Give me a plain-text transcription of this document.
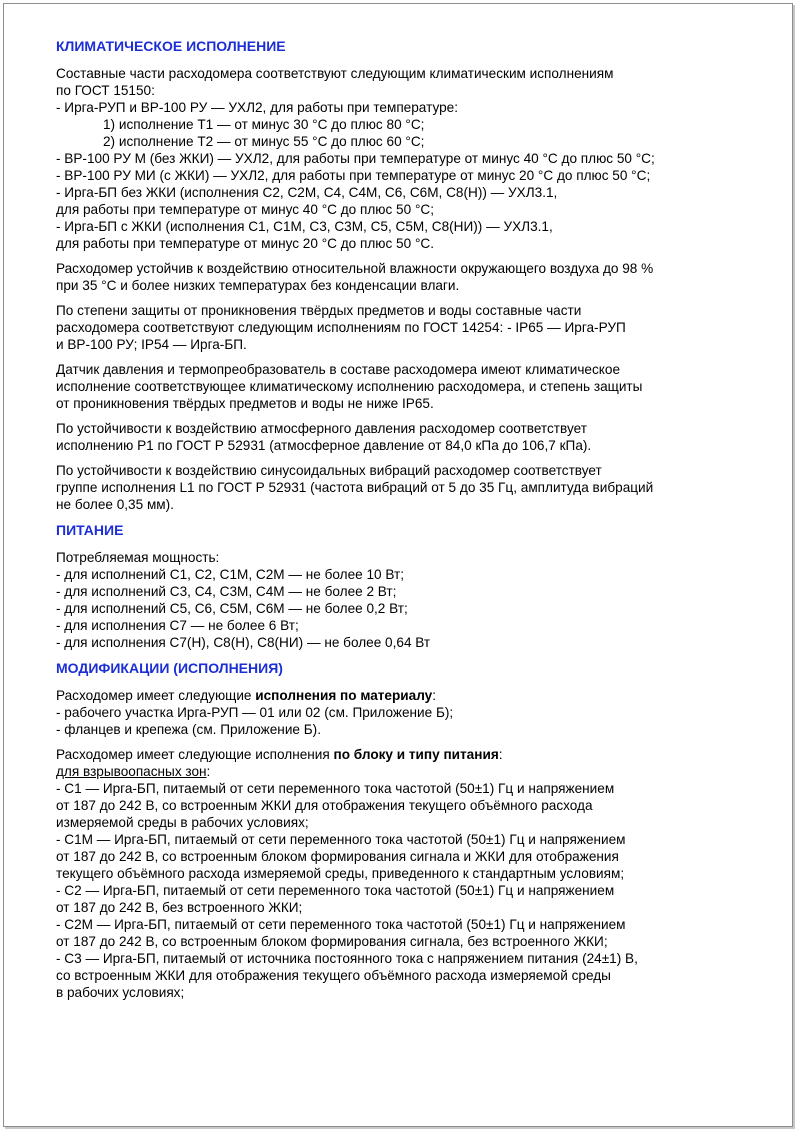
КЛИМАТИЧЕСКОЕ ИСПОЛНЕНИЕ
Составные части расходомера соответствуют следующим климатическим исполнениям
по ГОСТ 15150:
- Ирга-РУП и ВР-100 РУ — УХЛ2, для работы при температуре:
1) исполнение Т1 — от минус 30 °C до плюс 80 °C;
2) исполнение Т2 — от минус 55 °C до плюс 60 °C;
- ВР-100 РУ М (без ЖКИ) — УХЛ2, для работы при температуре от минус 40 °C до плюс 50 °C;
- ВР-100 РУ МИ (с ЖКИ) — УХЛ2, для работы при температуре от минус 20 °C до плюс 50 °C;
- Ирга-БП без ЖКИ (исполнения С2, С2М, С4, С4М, С6, С6М, С8(Н)) — УХЛ3.1,
для работы при температуре от минус 40 °C до плюс 50 °C;
- Ирга-БП с ЖКИ (исполнения С1, С1М, С3, С3М, С5, С5М, С8(НИ)) — УХЛ3.1,
для работы при температуре от минус 20 °C до плюс 50 °C.
Расходомер устойчив к воздействию относительной влажности окружающего воздуха до 98 %
при 35 °C и более низких температурах без конденсации влаги.
По степени защиты от проникновения твёрдых предметов и воды составные части
расходомера соответствуют следующим исполнениям по ГОСТ 14254: - IP65 — Ирга-РУП
и ВР-100 РУ; IP54 — Ирга-БП.
Датчик давления и термопреобразователь в составе расходомера имеют климатическое
исполнение соответствующее климатическому исполнению расходомера, и степень защиты
от проникновения твёрдых предметов и воды не ниже IP65.
По устойчивости к воздействию атмосферного давления расходомер соответствует
исполнению Р1 по ГОСТ Р 52931 (атмосферное давление от 84,0 кПа до 106,7 кПа).
По устойчивости к воздействию синусоидальных вибраций расходомер соответствует
группе исполнения L1 по ГОСТ Р 52931 (частота вибраций от 5 до 35 Гц, амплитуда вибраций
не более 0,35 мм).
ПИТАНИЕ
Потребляемая мощность:
- для исполнений С1, С2, С1М, С2М — не более 10 Вт;
- для исполнений С3, С4, С3М, С4М — не более 2 Вт;
- для исполнений С5, С6, С5М, С6М — не более 0,2 Вт;
- для исполнения С7 — не более 6 Вт;
- для исполнения С7(Н), С8(Н), С8(НИ) — не более 0,64 Вт
МОДИФИКАЦИИ (ИСПОЛНЕНИЯ)
Расходомер имеет следующие исполнения по материалу:
- рабочего участка Ирга-РУП — 01 или 02 (см. Приложение Б);
- фланцев и крепежа (см. Приложение Б).
Расходомер имеет следующие исполнения по блоку и типу питания:
для взрывоопасных зон:
- С1 — Ирга-БП, питаемый от сети переменного тока частотой (50±1) Гц и напряжением
от 187 до 242 В, со встроенным ЖКИ для отображения текущего объёмного расхода
измеряемой среды в рабочих условиях;
- С1М — Ирга-БП, питаемый от сети переменного тока частотой (50±1) Гц и напряжением
от 187 до 242 В, со встроенным блоком формирования сигнала и ЖКИ для отображения
текущего объёмного расхода измеряемой среды, приведенного к стандартным условиям;
- С2 — Ирга-БП, питаемый от сети переменного тока частотой (50±1) Гц и напряжением
от 187 до 242 В, без встроенного ЖКИ;
- С2М — Ирга-БП, питаемый от сети переменного тока частотой (50±1) Гц и напряжением
от 187 до 242 В, со встроенным блоком формирования сигнала, без встроенного ЖКИ;
- С3 — Ирга-БП, питаемый от источника постоянного тока с напряжением питания (24±1) В,
со встроенным ЖКИ для отображения текущего объёмного расхода измеряемой среды
в рабочих условиях;
